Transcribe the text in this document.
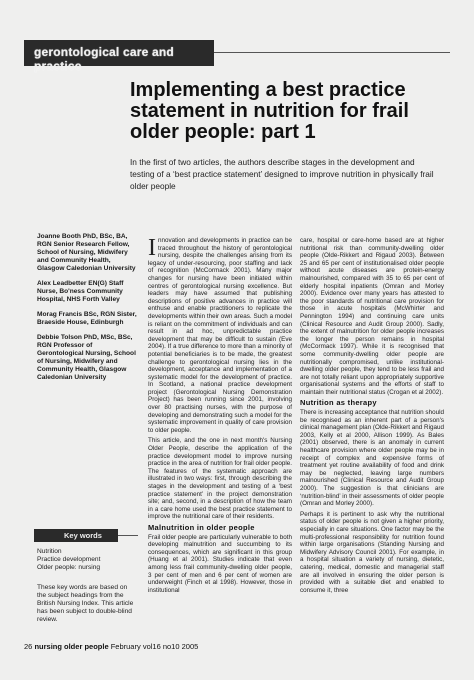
gerontological care and practice
Implementing a best practice statement in nutrition for frail older people: part 1
In the first of two articles, the authors describe stages in the development and testing of a ‘best practice statement’ designed to improve nutrition in physically frail older people
Joanne Booth PhD, BSc, BA, RGN Senior Research Fellow, School of Nursing, Midwifery and Community Health, Glasgow Caledonian University
Alex Leadbetter EN(G) Staff Nurse, Bo'ness Community Hospital, NHS Forth Valley
Morag Francis BSc, RGN Sister, Braeside House, Edinburgh
Debbie Tolson PhD, MSc, BSc, RGN Professor of Gerontological Nursing, School of Nursing, Midwifery and Community Health, Glasgow Caledonian University
Key words
Nutrition
Practice development
Older people: nursing
These key words are based on the subject headings from the British Nursing Index. This article has been subject to double-blind review.

Innovation and developments in practice can be traced throughout the history of gerontological nursing, despite the challenges arising from its legacy of under-resourcing, poor staffing and lack of recognition (McCormack 2001). Many major changes for nursing have been initiated within centres of gerontological nursing excellence. But leaders may have assumed that publishing descriptions of positive advances in practice will enthuse and enable practitioners to replicate the developments within their own areas. Such a model is reliant on the commitment of individuals and can result in ad hoc, unpredictable practice development that may be difficult to sustain (Eve 2004). If a true difference to more than a minority of potential beneficiaries is to be made, the greatest challenge to gerontological nursing lies in the development, acceptance and implementation of a systematic model for the development of practice. In Scotland, a national practice development project (Gerontological Nursing Demonstration Project) has been running since 2001, involving over 80 practising nurses, with the purpose of developing and demonstrating such a model for the systematic improvement in quality of care provision to older people.

This article, and the one in next month's Nursing Older People, describe the application of the practice development model to improve nursing practice in the area of nutrition for frail older people. The features of the systematic approach are illustrated in two ways: first, through describing the stages in the development and testing of a ‘best practice statement’ in the project demonstration site; and, second, in a description of how the team in a care home used the best practice statement to improve the nutritional care of their residents.

Malnutrition in older people

Frail older people are particularly vulnerable to both developing malnutrition and succumbing to its consequences, which are significant in this group (Huang et al 2001). Studies indicate that even among less frail community-dwelling older people, 3 per cent of men and 6 per cent of women are underweight (Finch et al 1998). However, those in institutional

care, hospital or care-home based are at higher nutritional risk than community-dwelling older people (Olde-Rikkert and Rigaud 2003). Between 25 and 65 per cent of institutionalised older people without acute diseases are protein-energy malnourished, compared with 35 to 65 per cent of elderly hospital inpatients (Omran and Morley 2000). Evidence over many years has attested to the poor standards of nutritional care provision for those in acute hospitals (McWhirter and Pennington 1994) and continuing care units (Clinical Resource and Audit Group 2000). Sadly, the extent of malnutrition for older people increases the longer the person remains in hospital (McCormack 1997). While it is recognised that some community-dwelling older people are nutritionally compromised, unlike institutional-dwelling older people, they tend to be less frail and are not totally reliant upon appropriately supportive organisational systems and the efforts of staff to maintain their nutritional status (Crogan et al 2002).

Nutrition as therapy

There is increasing acceptance that nutrition should be recognised as an inherent part of a person's clinical management plan (Olde-Rikkert and Rigaud 2003, Kelly et al 2000, Allison 1999). As Bales (2001) observed, there is an anomaly in current healthcare provision where older people may be in receipt of complex and expensive forms of treatment yet routine availability of food and drink may be neglected, leaving large numbers malnourished (Clinical Resource and Audit Group 2000). The suggestion is that clinicians are ‘nutrition-blind’ in their assessments of older people (Omran and Morley 2000).

Perhaps it is pertinent to ask why the nutritional status of older people is not given a higher priority, especially in care situations. One factor may be the multi-professional responsibility for nutrition found within large organisations (Standing Nursing and Midwifery Advisory Council 2001). For example, in a hospital situation a variety of nursing, dietetic, catering, medical, domestic and managerial staff are all involved in ensuring the older person is provided with a suitable diet and enabled to consume it, three

26 nursing older people February vol16 no10 2005
